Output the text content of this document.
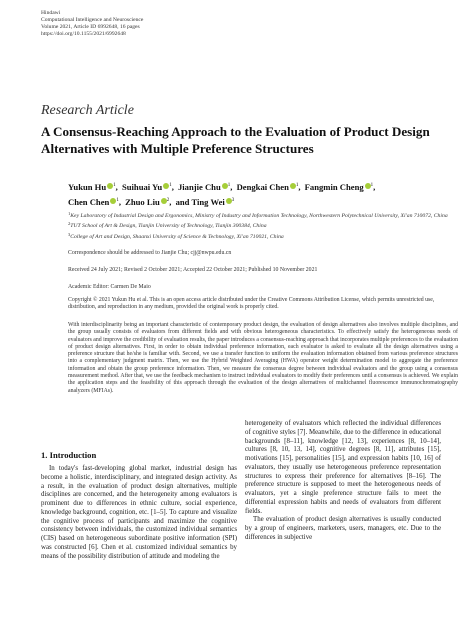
Hindawi
Computational Intelligence and Neuroscience
Volume 2021, Article ID 6992648, 16 pages
https://doi.org/10.1155/2021/6992648
Research Article
A Consensus-Reaching Approach to the Evaluation of Product Design Alternatives with Multiple Preference Structures
Yukun Hu $^1$, Suihuai Yu $^1$, Jianjie Chu $^1$, Dengkai Chen $^1$, Fangmin Cheng $^1$,
Chen Chen $^1$, Zhuo Liu $^2$, and Ting Wei $^3$
$^1$Key Laboratory of Industrial Design and Ergonomics, Ministry of Industry and Information Technology, Northwestern Polytechnical University, Xi'an 710072, China
$^2$TUT School of Art & Design, Tianjin University of Technology, Tianjin 300384, China
$^3$College of Art and Design, Shaanxi University of Science & Technology, Xi'an 710021, China
Correspondence should be addressed to Jianjie Chu; cjj@nwpu.edu.cn
Received 24 July 2021; Revised 2 October 2021; Accepted 22 October 2021; Published 10 November 2021
Academic Editor: Carmen De Maio
Copyright © 2021 Yukun Hu et al. This is an open access article distributed under the Creative Commons Attribution License, which permits unrestricted use, distribution, and reproduction in any medium, provided the original work is properly cited.
With interdisciplinarity being an important characteristic of contemporary product design, the evaluation of design alternatives also involves multiple disciplines, and the group usually consists of evaluators from different fields and with obvious heterogeneous characteristics. To effectively satisfy the heterogeneous needs of evaluators and improve the credibility of evaluation results, the paper introduces a consensus-reaching approach that incorporates multiple preferences to the evaluation of product design alternatives. First, in order to obtain individual preference information, each evaluator is asked to evaluate all the design alternatives using a preference structure that he/she is familiar with. Second, we use a transfer function to uniform the evaluation information obtained from various preference structures into a complementary judgment matrix. Then, we use the Hybrid Weighted Averaging (HWA) operator weight determination model to aggregate the preference information and obtain the group preference information. Then, we measure the consensus degree between individual evaluators and the group using a consensus measurement method. After that, we use the feedback mechanism to instruct individual evaluators to modify their preferences until a consensus is achieved. We explain the application steps and the feasibility of this approach through the evaluation of the design alternatives of multichannel fluorescence immunochromatography analyzers (MFIAs).
1. Introduction

In today's fast-developing global market, industrial design has become a holistic, interdisciplinary, and integrated design activity. As a result, in the evaluation of product design alternatives, multiple disciplines are concerned, and the heterogeneity among evaluators is prominent due to differences in ethnic culture, social experience, knowledge background, cognition, etc. [1–5]. To capture and visualize the cognitive process of participants and maximize the cognitive consistency between individuals, the customized individual semantics (CIS) based on heterogeneous subordinate positive information (SPI) was constructed [6]. Chen et al. customized individual semantics by means of the possibility distribution of attitude and modeling the

heterogeneity of evaluators which reflected the individual differences of cognitive styles [7]. Meanwhile, due to the difference in educational backgrounds [8–11], knowledge [12, 13], experiences [8, 10–14], cultures [8, 10, 13, 14], cognitive degrees [8, 11], attributes [15], motivations [15], personalities [15], and expression habits [10, 16] of evaluators, they usually use heterogeneous preference representation structures to express their preference for alternatives [8–16]. The preference structure is supposed to meet the heterogeneous needs of evaluators, yet a single preference structure fails to meet the differential expression habits and needs of evaluators from different fields.

The evaluation of product design alternatives is usually conducted by a group of engineers, marketers, users, managers, etc. Due to the differences in subjective
